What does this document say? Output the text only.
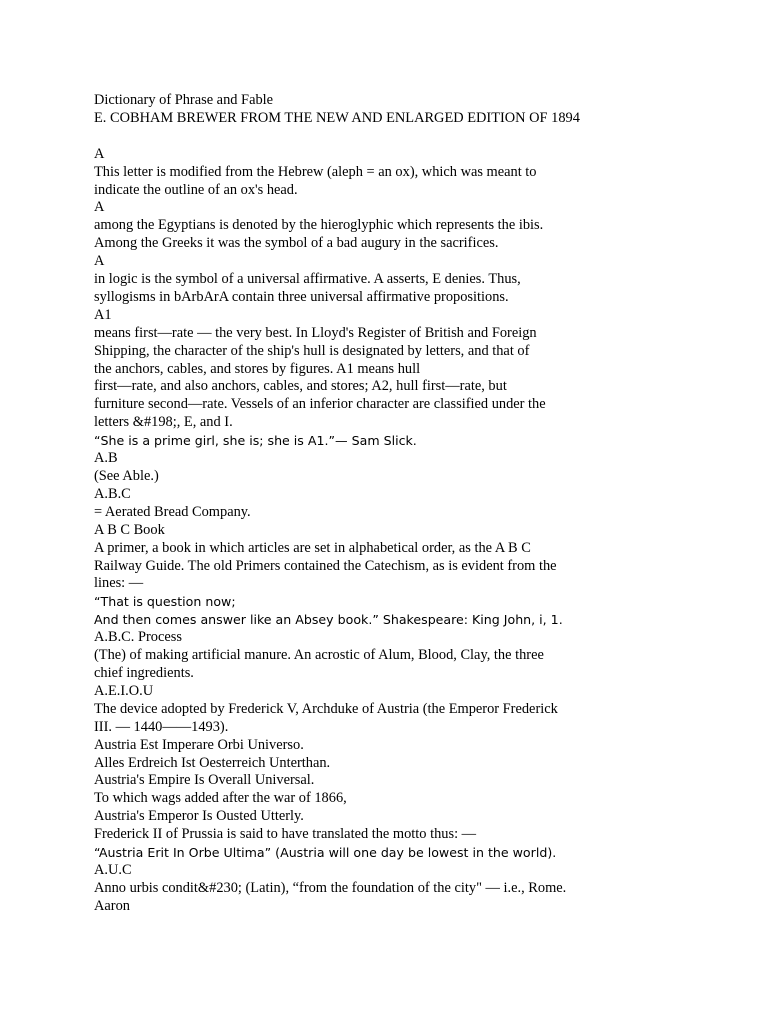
Dictionary of Phrase and Fable
E. COBHAM BREWER FROM THE NEW AND ENLARGED EDITION OF 1894
A
This letter is modified from the Hebrew (aleph = an ox), which was meant to
indicate the outline of an ox's head.
A
among the Egyptians is denoted by the hieroglyphic which represents the ibis.
Among the Greeks it was the symbol of a bad augury in the sacrifices.
A
in logic is the symbol of a universal affirmative. A asserts, E denies. Thus,
syllogisms in bArbArA contain three universal affirmative propositions.
A1
means first—rate — the very best. In Lloyd's Register of British and Foreign
Shipping, the character of the ship's hull is designated by letters, and that of
the anchors, cables, and stores by figures. A1 means hull
first—rate, and also anchors, cables, and stores; A2, hull first—rate, but
furniture second—rate. Vessels of an inferior character are classified under the
letters &#198;, E, and I.
“She is a prime girl, she is; she is A1.”— Sam Slick.
A.B
(See Able.)
A.B.C
= Aerated Bread Company.
A B C Book
A primer, a book in which articles are set in alphabetical order, as the A B C
Railway Guide. The old Primers contained the Catechism, as is evident from the
lines: —
“That is question now;
And then comes answer like an Absey book.” Shakespeare: King John, i, 1.
A.B.C. Process
(The) of making artificial manure. An acrostic of Alum, Blood, Clay, the three
chief ingredients.
A.E.I.O.U
The device adopted by Frederick V, Archduke of Austria (the Emperor Frederick
III. — 1440——1493).
Austria Est Imperare Orbi Universo.
Alles Erdreich Ist Oesterreich Unterthan.
Austria's Empire Is Overall Universal.
To which wags added after the war of 1866,
Austria's Emperor Is Ousted Utterly.
Frederick II of Prussia is said to have translated the motto thus: —
“Austria Erit In Orbe Ultima” (Austria will one day be lowest in the world).
A.U.C
Anno urbis condit&#230; (Latin), “from the foundation of the city" — i.e., Rome.
Aaron
